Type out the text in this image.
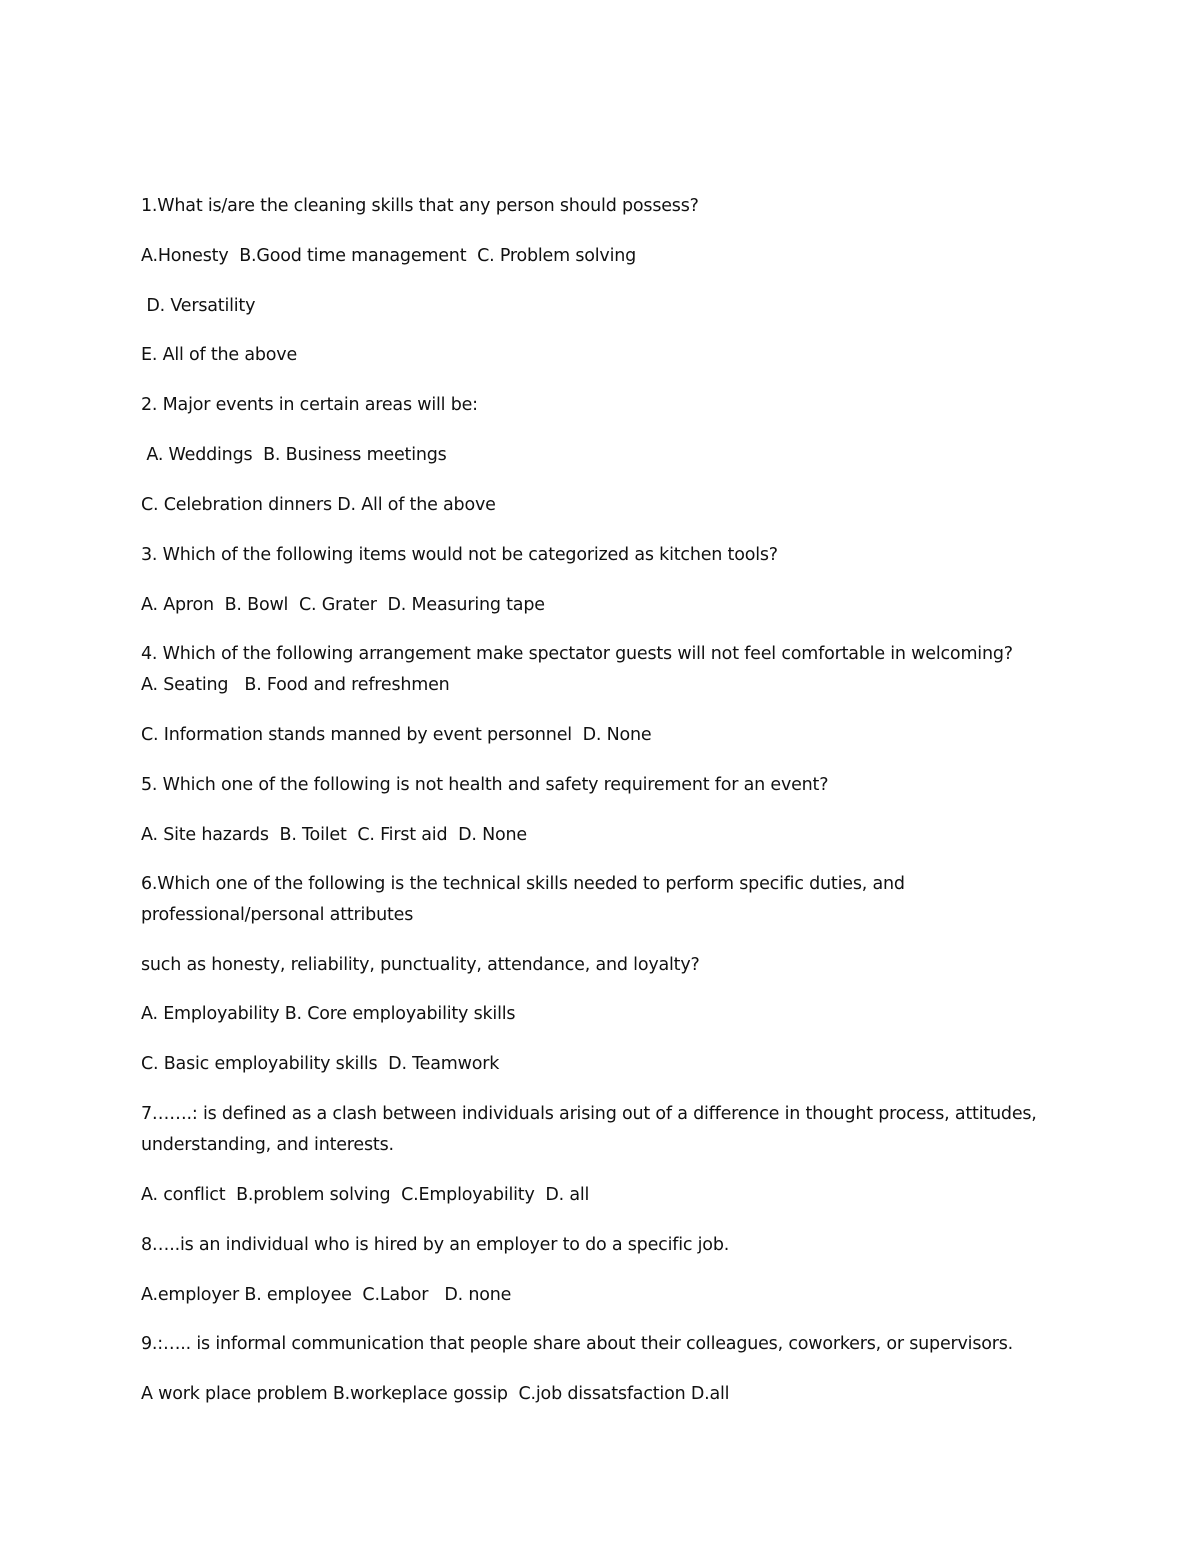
1.What is/are the cleaning skills that any person should possess?
A.Honesty  B.Good time management  C. Problem solving
D. Versatility
E. All of the above
2. Major events in certain areas will be:
A. Weddings  B. Business meetings
C. Celebration dinners D. All of the above
3. Which of the following items would not be categorized as kitchen tools?
A. Apron  B. Bowl  C. Grater  D. Measuring tape
4. Which of the following arrangement make spectator guests will not feel comfortable in welcoming?
A. Seating   B. Food and refreshmen
C. Information stands manned by event personnel  D. None
5. Which one of the following is not health and safety requirement for an event?
A. Site hazards  B. Toilet  C. First aid  D. None
6.Which one of the following is the technical skills needed to perform specific duties, and
professional/personal attributes
such as honesty, reliability, punctuality, attendance, and loyalty?
A. Employability B. Core employability skills
C. Basic employability skills  D. Teamwork
7…….: is defined as a clash between individuals arising out of a difference in thought process, attitudes,
understanding, and interests.
A. conflict  B.problem solving  C.Employability  D. all
8…..is an individual who is hired by an employer to do a specific job.
A.employer B. employee  C.Labor   D. none
9.:….. is informal communication that people share about their colleagues, coworkers, or supervisors.
A work place problem B.workeplace gossip  C.job dissatsfaction D.all
